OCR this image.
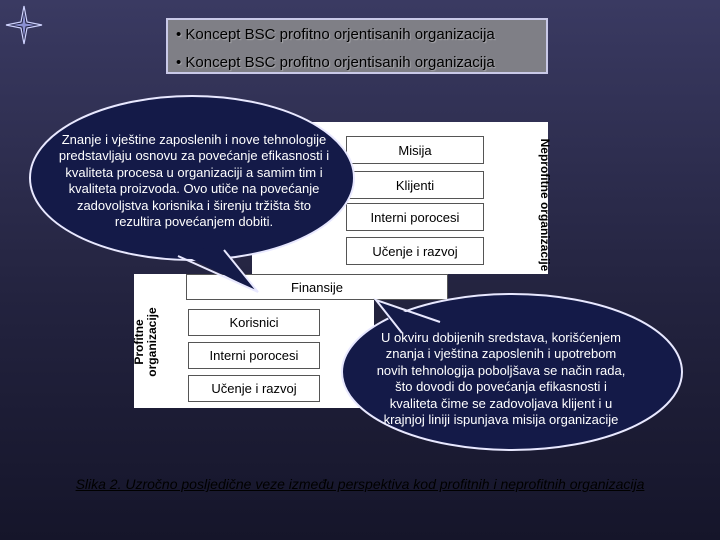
• Koncept BSC profitno orjentisanih organizacija
• Koncept BSC profitno orjentisanih organizacija
Misija
Klijenti
Interni porocesi
Učenje i razvoj	Neprofitne organizacije
Finansije
Korisnici
Interni porocesi
Učenje i razvoj
Profitne organizacije
Znanje i vještine zaposlenih i nove tehnologije predstavljaju osnovu za povećanje efikasnosti i kvaliteta procesa u organizaciji a samim tim i kvaliteta proizvoda. Ovo utiče na povećanje zadovoljstva korisnika i širenju tržišta što rezultira povećanjem dobiti.
U okviru dobijenih sredstava, korišćenjem znanja i vještina zaposlenih i upotrebom novih tehnologija poboljšava se način rada, što dovodi do povećanja efikasnosti i kvaliteta čime se zadovoljava klijent i u krajnjoj liniji ispunjava misija organizacije
Slika 2. Uzročno posljedične veze između perspektiva kod profitnih i neprofitnih organizacija
